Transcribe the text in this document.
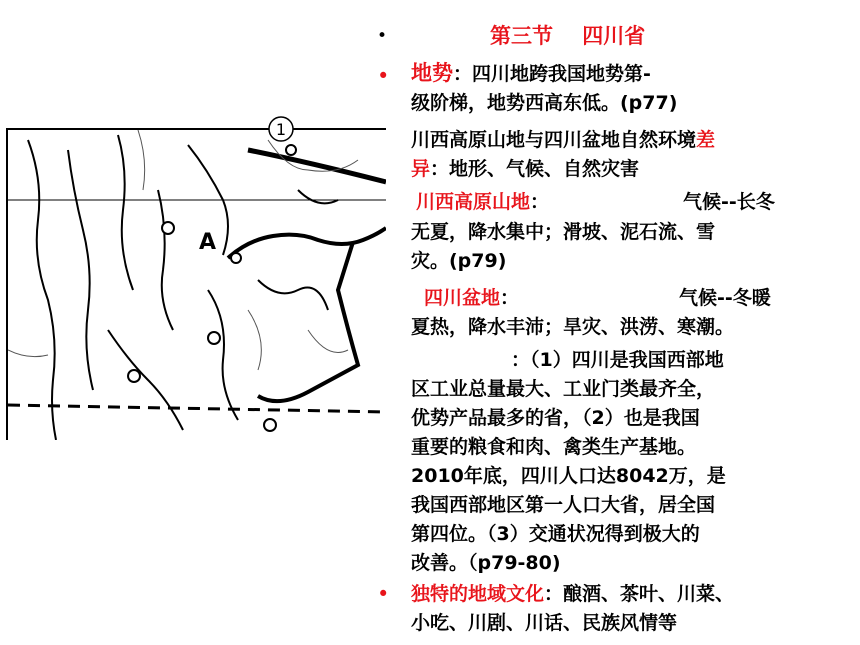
1
A
•
•
•
第三节    四川省
地势：四川地跨我国地势第-
级阶梯，地势西高东低。(p77)
川西高原山地与四川盆地自然环境差
异：地形、气候、自然灾害
川西高原山地：	气候--长冬
无夏，降水集中；滑坡、泥石流、雪
灾。(p79)
四川盆地：	气候--冬暖
夏热，降水丰沛；旱灾、洪涝、寒潮。
：（1）四川是我国西部地
区工业总量最大、工业门类最齐全，
优势产品最多的省，（2）也是我国
重要的粮食和肉、禽类生产基地。
2010年底，四川人口达8042万，是
我国西部地区第一人口大省，居全国
第四位。（3）交通状况得到极大的
改善。（p79-80)
独特的地域文化：酿酒、茶叶、川菜、
小吃、川剧、川话、民族风情等
